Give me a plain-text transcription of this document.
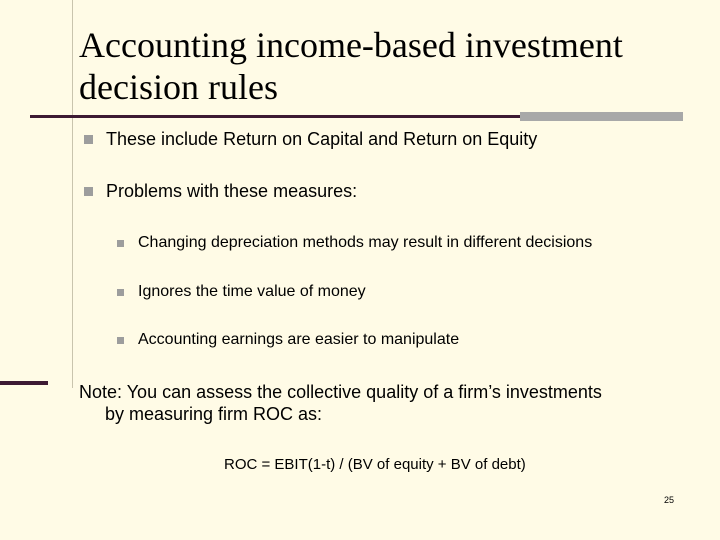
Accounting income-based investment decision rules
These include Return on Capital and Return on Equity
Problems with these measures:
Changing depreciation methods may result in different decisions
Ignores the time value of money
Accounting earnings are easier to manipulate
Note: You can assess the collective quality of a firm’s investments
by measuring firm ROC as:
ROC = EBIT(1-t) / (BV of equity + BV of debt)
25
